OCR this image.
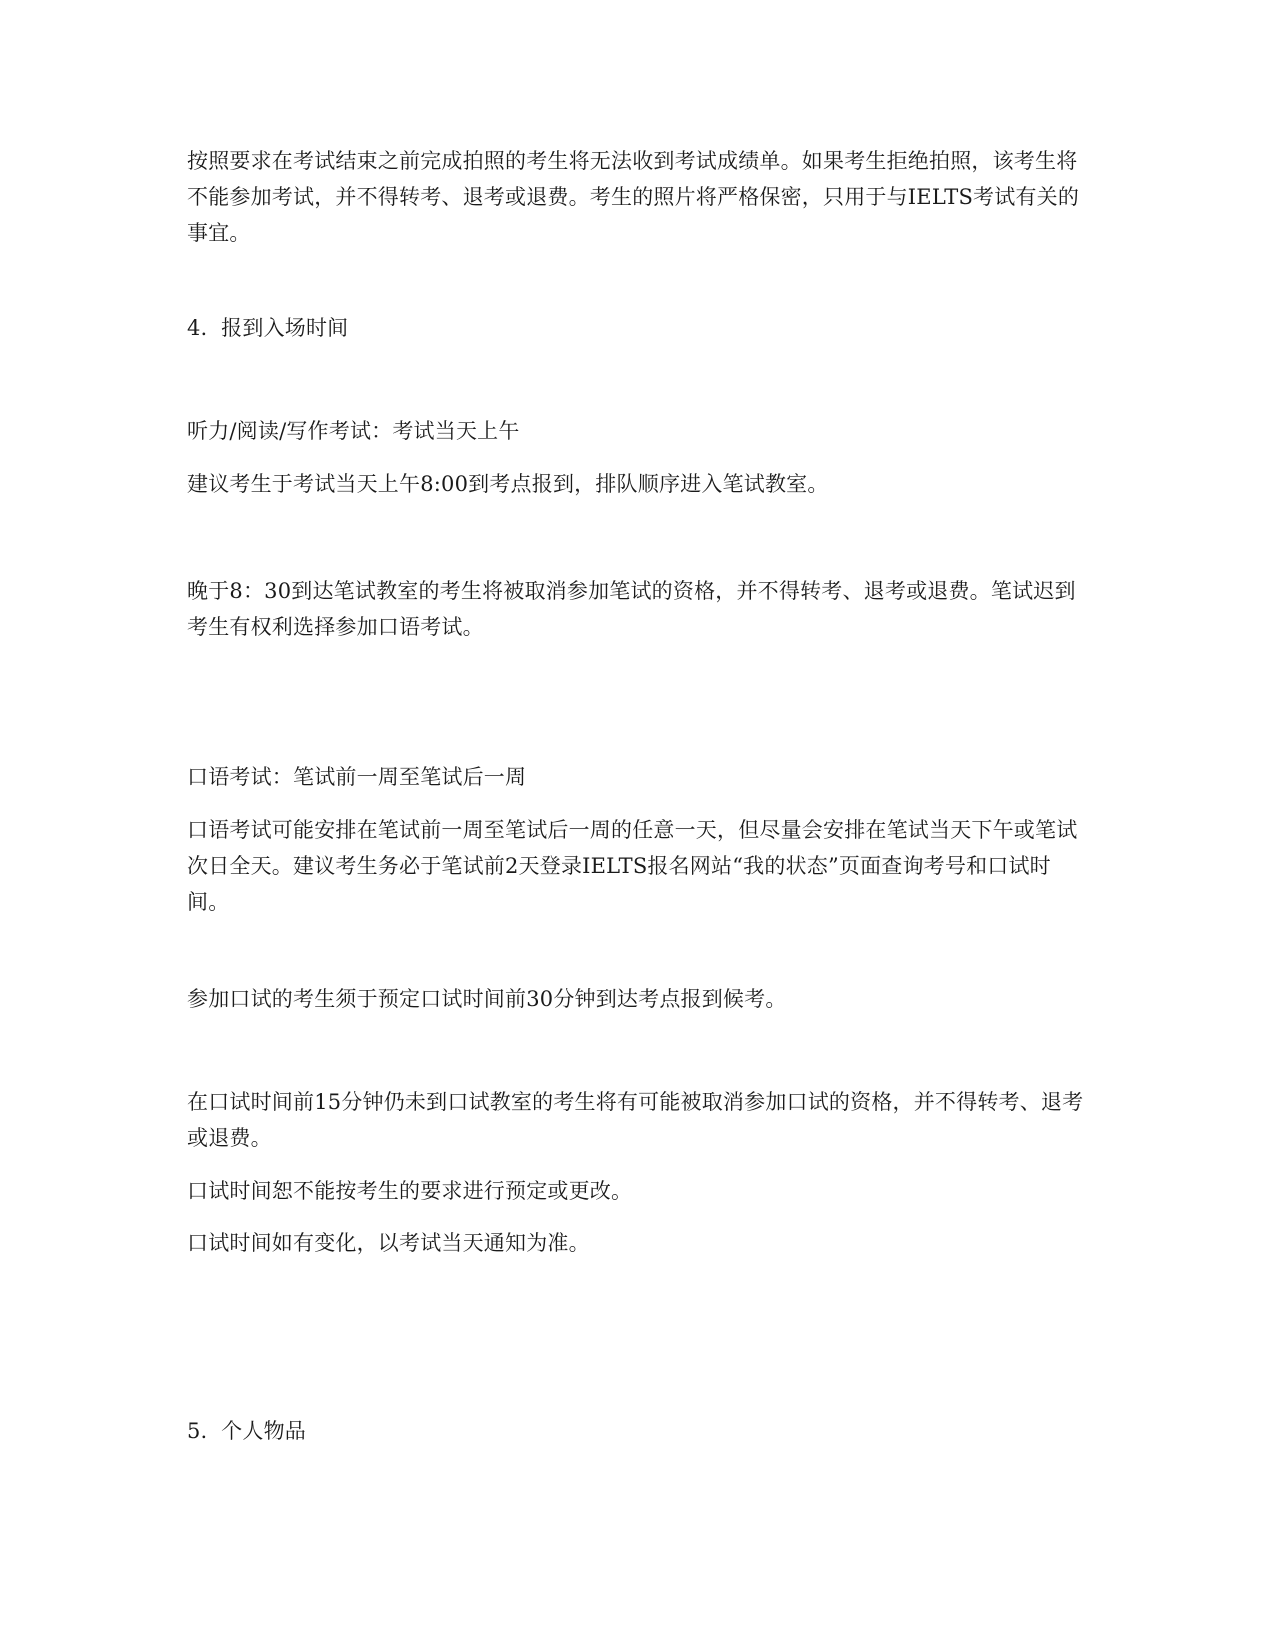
按照要求在考试结束之前完成拍照的考生将无法收到考试成绩单。如果考生拒绝拍照，该考生将不能参加考试，并不得转考、退考或退费。考生的照片将严格保密，只用于与IELTS考试有关的事宜。

4.  报到入场时间

听力/阅读/写作考试：考试当天上午

建议考生于考试当天上午8:00到考点报到，排队顺序进入笔试教室。

晚于8：30到达笔试教室的考生将被取消参加笔试的资格，并不得转考、退考或退费。笔试迟到考生有权利选择参加口语考试。

口语考试：笔试前一周至笔试后一周

口语考试可能安排在笔试前一周至笔试后一周的任意一天，但尽量会安排在笔试当天下午或笔试次日全天。建议考生务必于笔试前2天登录IELTS报名网站“我的状态”页面查询考号和口试时间。

参加口试的考生须于预定口试时间前30分钟到达考点报到候考。

在口试时间前15分钟仍未到口试教室的考生将有可能被取消参加口试的资格，并不得转考、退考或退费。

口试时间恕不能按考生的要求进行预定或更改。

口试时间如有变化，以考试当天通知为准。

5.  个人物品
